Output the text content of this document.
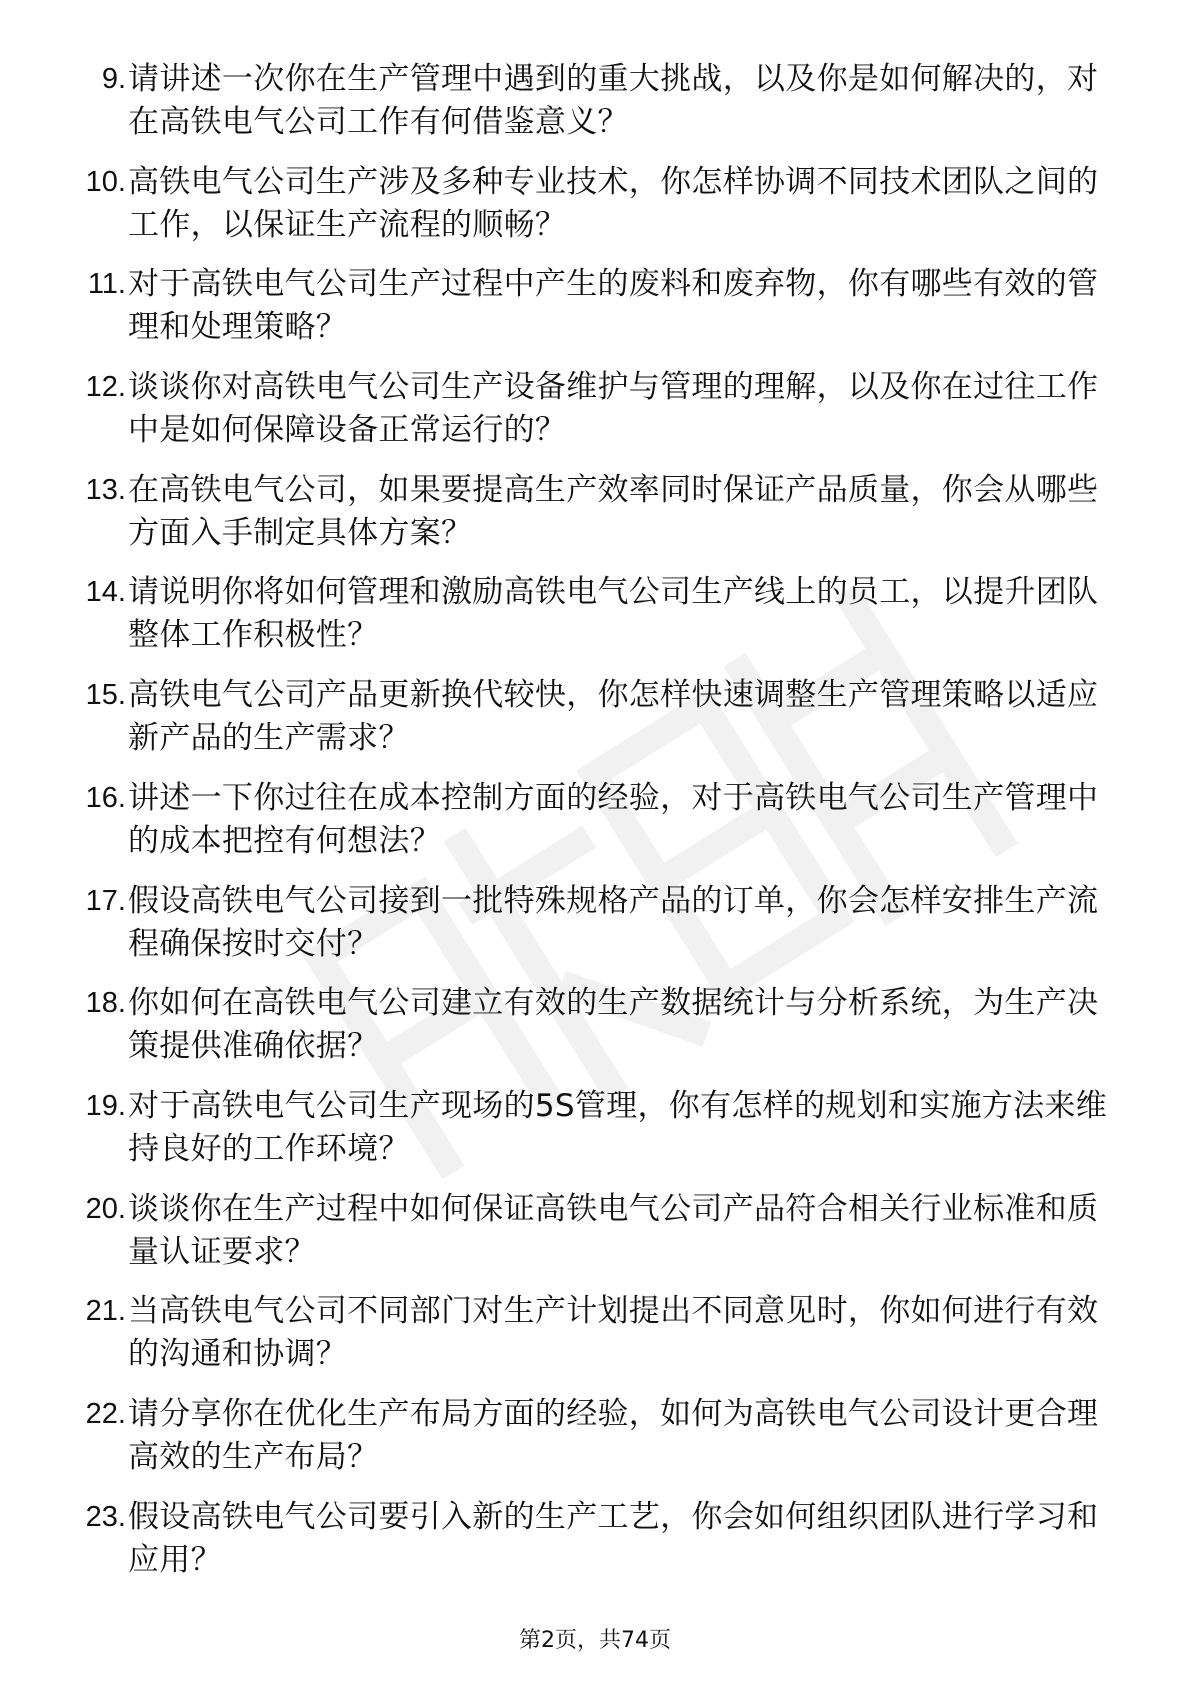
9. 请讲述一次你在生产管理中遇到的重大挑战，以及你是如何解决的，对在高铁电气公司工作有何借鉴意义？
10. 高铁电气公司生产涉及多种专业技术，你怎样协调不同技术团队之间的工作，以保证生产流程的顺畅？
11. 对于高铁电气公司生产过程中产生的废料和废弃物，你有哪些有效的管理和处理策略？
12. 谈谈你对高铁电气公司生产设备维护与管理的理解，以及你在过往工作中是如何保障设备正常运行的？
13. 在高铁电气公司，如果要提高生产效率同时保证产品质量，你会从哪些方面入手制定具体方案？
14. 请说明你将如何管理和激励高铁电气公司生产线上的员工，以提升团队整体工作积极性？
15. 高铁电气公司产品更新换代较快，你怎样快速调整生产管理策略以适应新产品的生产需求？
16. 讲述一下你过往在成本控制方面的经验，对于高铁电气公司生产管理中的成本把控有何想法？
17. 假设高铁电气公司接到一批特殊规格产品的订单，你会怎样安排生产流程确保按时交付？
18. 你如何在高铁电气公司建立有效的生产数据统计与分析系统，为生产决策提供准确依据？
19. 对于高铁电气公司生产现场的5S管理，你有怎样的规划和实施方法来维持良好的工作环境？
20. 谈谈你在生产过程中如何保证高铁电气公司产品符合相关行业标准和质量认证要求？
21. 当高铁电气公司不同部门对生产计划提出不同意见时，你如何进行有效的沟通和协调？
22. 请分享你在优化生产布局方面的经验，如何为高铁电气公司设计更合理高效的生产布局？
23. 假设高铁电气公司要引入新的生产工艺，你会如何组织团队进行学习和应用？
第2页，共74页
